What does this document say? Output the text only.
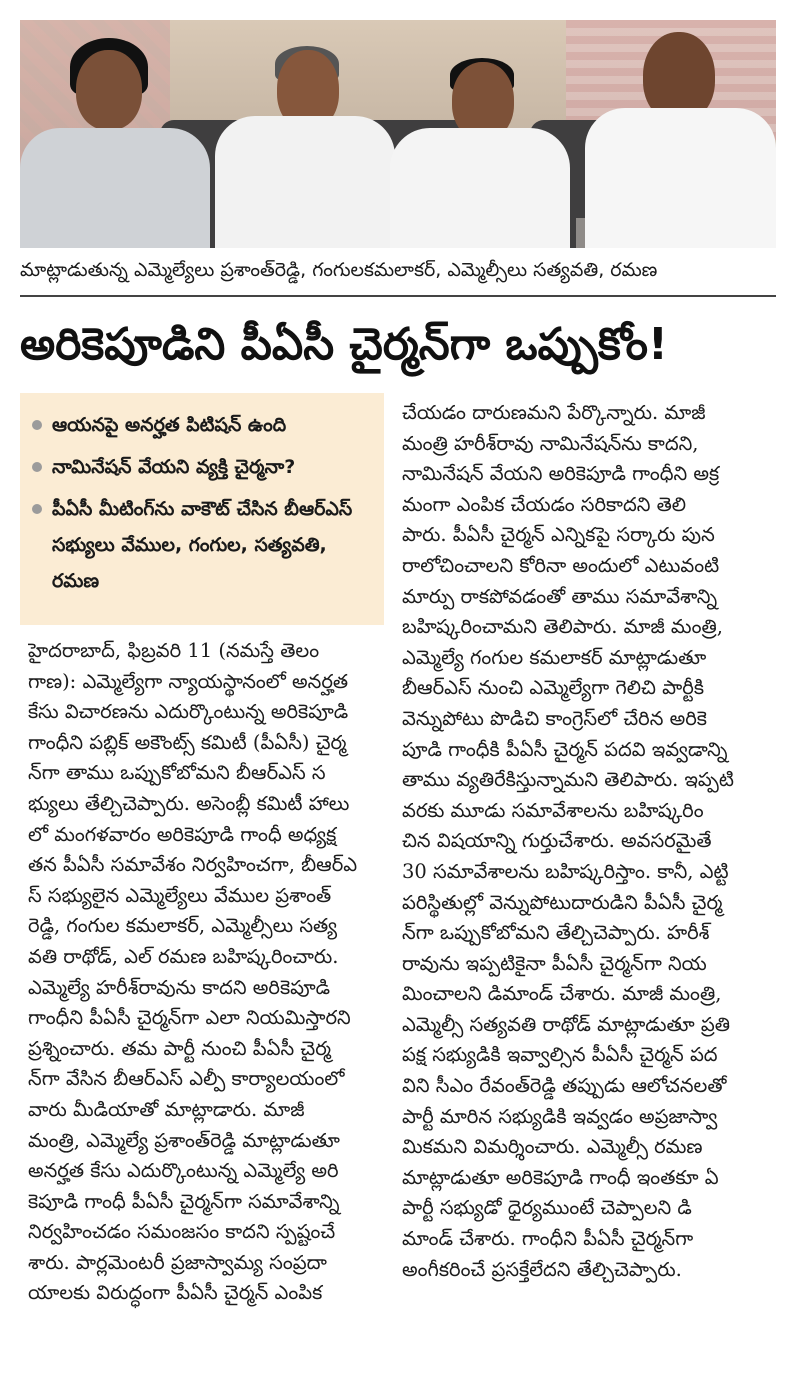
మాట్లాడుతున్న ఎమ్మెల్యేలు ప్రశాంత్‌రెడ్డి, గంగులకమలాకర్, ఎమ్మెల్సీలు సత్యవతి, రమణ
అరికెపూడిని పీఏసీ చైర్మన్‌గా ఒప్పుకోం!
ఆయనపై అనర్హత పిటిషన్ ఉంది
నామినేషన్ వేయని వ్యక్తి చైర్మనా?
పీఏసీ మీటింగ్‌ను వాకౌట్ చేసిన బీఆర్‌ఎస్ సభ్యులు వేముల, గంగుల, సత్యవతి, రమణ
హైదరాబాద్, ఫిబ్రవరి 11 (నమస్తే తెలం
గాణ): ఎమ్మెల్యేగా న్యాయస్థానంలో అనర్హత
కేసు విచారణను ఎదుర్కొంటున్న అరికెపూడి
గాంధీని పబ్లిక్ అకౌంట్స్ కమిటీ (పీఏసీ) చైర్మ
న్‌గా తాము ఒప్పుకోబోమని బీఆర్‌ఎస్ స
భ్యులు తేల్చిచెప్పారు. అసెంబ్లీ కమిటీ హాలు
లో మంగళవారం అరికెపూడి గాంధీ అధ్యక్ష
తన పీఏసీ సమావేశం నిర్వహించగా, బీఆర్‌ఎ
స్ సభ్యులైన ఎమ్మెల్యేలు వేముల ప్రశాంత్
రెడ్డి, గంగుల కమలాకర్, ఎమ్మెల్సీలు సత్య
వతి రాథోడ్, ఎల్ రమణ బహిష్కరించారు.
ఎమ్మెల్యే హరీశ్‌రావును కాదని అరికెపూడి
గాంధీని పీఏసీ చైర్మన్‌గా ఎలా నియమిస్తారని
ప్రశ్నించారు. తమ పార్టీ నుంచి పీఏసీ చైర్మ
న్‌గా వేసిన బీఆర్‌ఎస్ ఎల్పీ కార్యాలయంలో
వారు మీడియాతో మాట్లాడారు. మాజీ
మంత్రి, ఎమ్మెల్యే ప్రశాంత్‌రెడ్డి మాట్లాడుతూ
అనర్హత కేసు ఎదుర్కొంటున్న ఎమ్మెల్యే అరి
కెపూడి గాంధీ పీఏసీ చైర్మన్‌గా సమావేశాన్ని
నిర్వహించడం సమంజసం కాదని స్పష్టంచే
శారు. పార్లమెంటరీ ప్రజాస్వామ్య సంప్రదా
యాలకు విరుద్ధంగా పీఏసీ చైర్మన్ ఎంపిక
చేయడం దారుణమని పేర్కొన్నారు. మాజీ
మంత్రి హరీశ్‌రావు నామినేషన్‌ను కాదని,
నామినేషన్ వేయని అరికెపూడి గాంధీని అక్ర
మంగా ఎంపిక చేయడం సరికాదని తెలి
పారు. పీఏసీ చైర్మన్ ఎన్నికపై సర్కారు పున
రాలోచించాలని కోరినా అందులో ఎటువంటి
మార్పు రాకపోవడంతో తాము సమావేశాన్ని
బహిష్కరించామని తెలిపారు. మాజీ మంత్రి,
ఎమ్మెల్యే గంగుల కమలాకర్ మాట్లాడుతూ
బీఆర్‌ఎస్ నుంచి ఎమ్మెల్యేగా గెలిచి పార్టీకి
వెన్నుపోటు పొడిచి కాంగ్రెస్‌లో చేరిన అరికె
పూడి గాంధీకి పీఏసీ చైర్మన్ పదవి ఇవ్వడాన్ని
తాము వ్యతిరేకిస్తున్నామని తెలిపారు. ఇప్పటి
వరకు మూడు సమావేశాలను బహిష్కరిం
చిన విషయాన్ని గుర్తుచేశారు. అవసరమైతే
30 సమావేశాలను బహిష్కరిస్తాం. కానీ, ఎట్టి
పరిస్థితుల్లో వెన్నుపోటుదారుడిని పీఏసీ చైర్మ
న్‌గా ఒప్పుకోబోమని తేల్చిచెప్పారు. హరీశ్
రావును ఇప్పటికైనా పీఏసీ చైర్మన్‌గా నియ
మించాలని డిమాండ్ చేశారు. మాజీ మంత్రి,
ఎమ్మెల్సీ సత్యవతి రాథోడ్ మాట్లాడుతూ ప్రతి
పక్ష సభ్యుడికి ఇవ్వాల్సిన పీఏసీ చైర్మన్ పద
విని సీఎం రేవంత్‌రెడ్డి తప్పుడు ఆలోచనలతో
పార్టీ మారిన సభ్యుడికి ఇవ్వడం అప్రజాస్వా
మికమని విమర్శించారు. ఎమ్మెల్సీ రమణ
మాట్లాడుతూ అరికెపూడి గాంధీ ఇంతకూ ఏ
పార్టీ సభ్యుడో ధైర్యముంటే చెప్పాలని డి
మాండ్ చేశారు. గాంధీని పీఏసీ చైర్మన్‌గా
అంగీకరించే ప్రసక్తేలేదని తేల్చిచెప్పారు.
